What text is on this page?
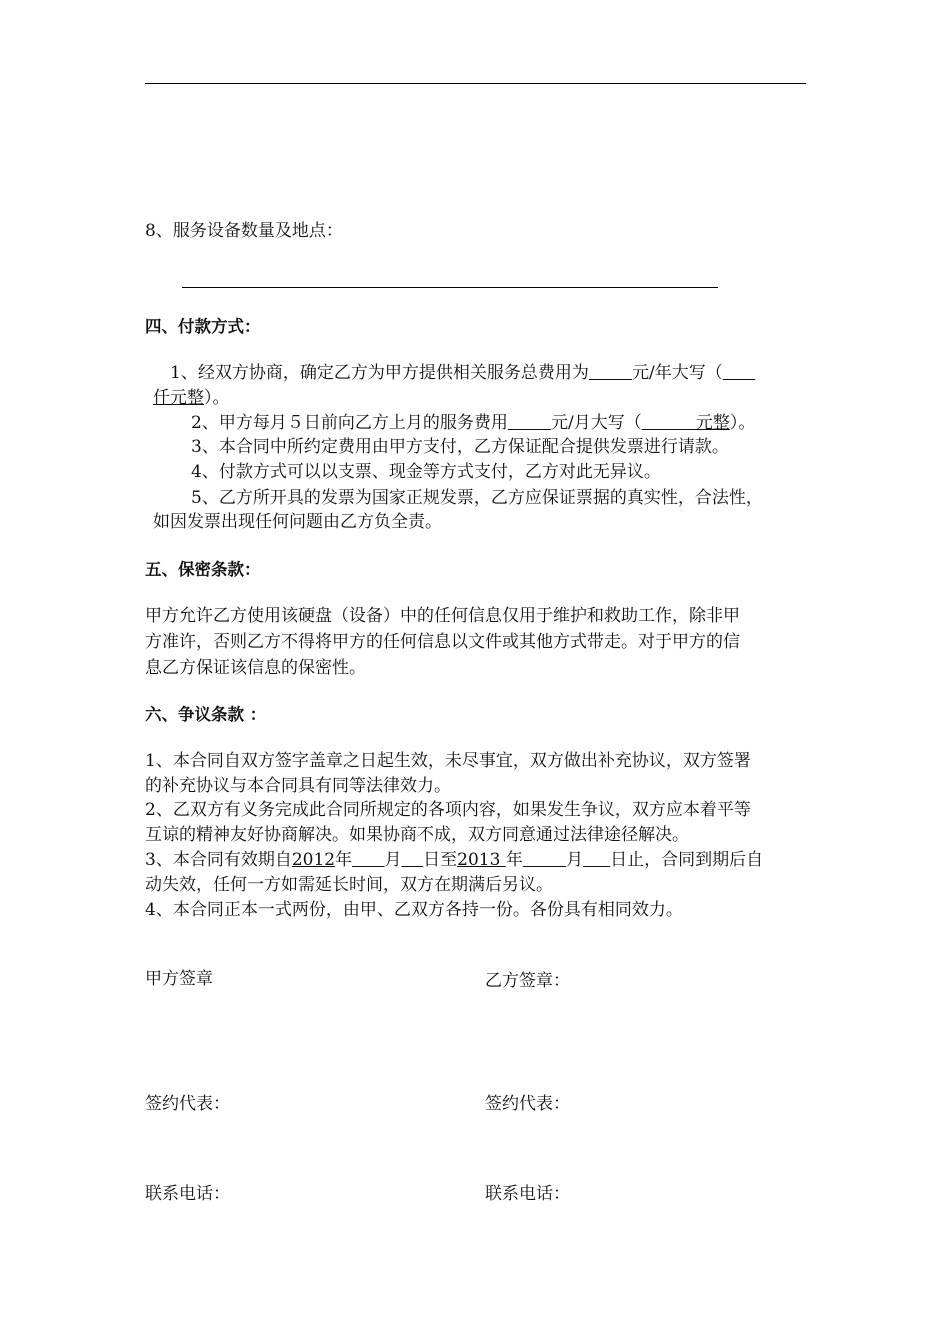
8、服务设备数量及地点：
四、付款方式：
1、经双方协商，确定乙方为甲方提供相关服务总费用为	元/年大写（
仟元整）。
2、甲方每月５日前向乙方上月的服务费用	元/月大写（	元整）。
3、本合同中所约定费用由甲方支付，乙方保证配合提供发票进行请款。
4、付款方式可以以支票、现金等方式支付，乙方对此无异议。
5、乙方所开具的发票为国家正规发票，乙方应保证票据的真实性，合法性，
如因发票出现任何问题由乙方负全责。
五、保密条款：
甲方允许乙方使用该硬盘（设备）中的任何信息仅用于维护和救助工作，除非甲
方准许，否则乙方不得将甲方的任何信息以文件或其他方式带走。对于甲方的信
息乙方保证该信息的保密性。
六、争议条款 ：
1、本合同自双方签字盖章之日起生效，未尽事宜，双方做出补充协议，双方签署
的补充协议与本合同具有同等法律效力。
2、乙双方有义务完成此合同所规定的各项内容，如果发生争议，双方应本着平等
互谅的精神友好协商解决。如果协商不成，双方同意通过法律途径解决。
3、本合同有效期自2012年 月 日至2013 年	月 日止，合同到期后自
动失效，任何一方如需延长时间，双方在期满后另议。
4、本合同正本一式两份，由甲、乙双方各持一份。各份具有相同效力。
甲方签章	乙方签章：
签约代表：	签约代表：
联系电话：	联系电话：
